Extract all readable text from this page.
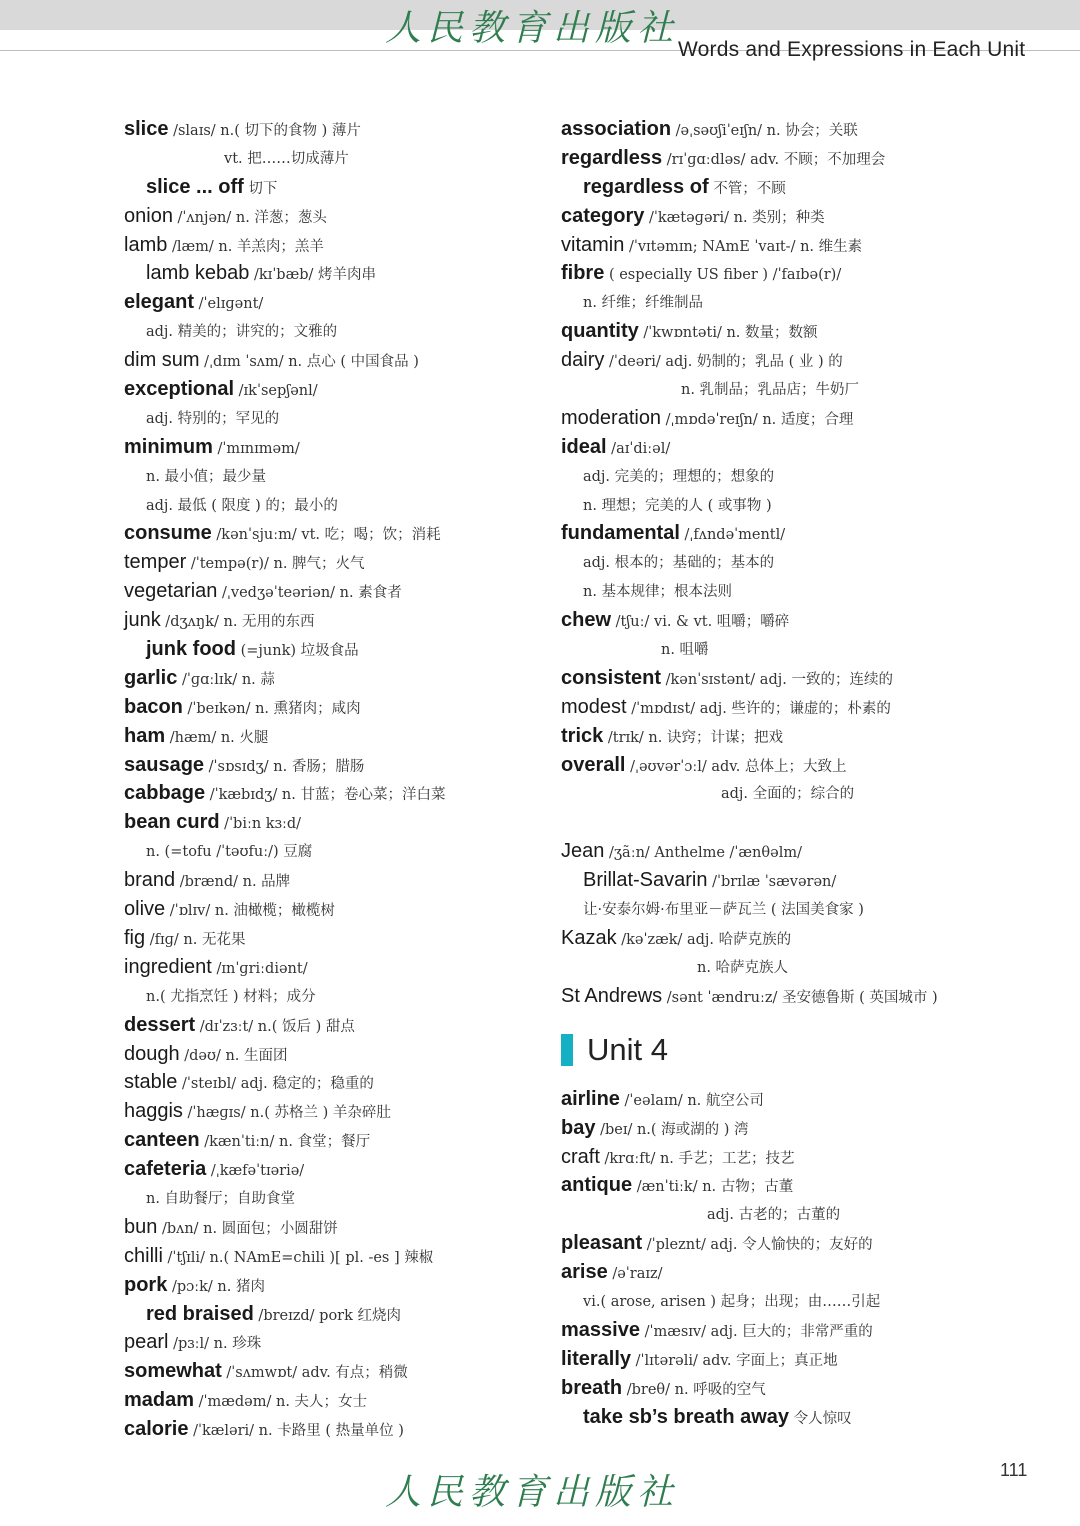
人民教育出版社
Words and Expressions in Each Unit
slice /slaɪs/ n.( 切下的食物 ) 薄片
vt. 把……切成薄片
slice ... off 切下
onion /ˈʌnjən/ n. 洋葱；葱头
lamb /læm/ n. 羊羔肉；羔羊
lamb kebab /kɪˈbæb/ 烤羊肉串
elegant /ˈelɪɡənt/
adj. 精美的；讲究的；文雅的
dim sum /ˌdɪm ˈsʌm/ n. 点心 ( 中国食品 )
exceptional /ɪkˈsepʃənl/
adj. 特别的；罕见的
minimum /ˈmɪnɪməm/
n. 最小值；最少量
adj. 最低 ( 限度 ) 的；最小的
consume /kənˈsjuːm/ vt. 吃；喝；饮；消耗
temper /ˈtempə(r)/ n. 脾气；火气
vegetarian /ˌvedʒəˈteəriən/ n. 素食者
junk /dʒʌŋk/ n. 无用的东西
junk food (=junk) 垃圾食品
garlic /ˈɡɑːlɪk/ n. 蒜
bacon /ˈbeɪkən/ n. 熏猪肉；咸肉
ham /hæm/ n. 火腿
sausage /ˈsɒsɪdʒ/ n. 香肠；腊肠
cabbage /ˈkæbɪdʒ/ n. 甘蓝；卷心菜；洋白菜
bean curd /ˈbiːn kɜːd/
n. (=tofu /ˈtəʊfuː/) 豆腐
brand /brænd/ n. 品牌
olive /ˈɒlɪv/ n. 油橄榄；橄榄树
fig /fɪɡ/ n. 无花果
ingredient /ɪnˈɡriːdiənt/
n.( 尤指烹饪 ) 材料；成分
dessert /dɪˈzɜːt/ n.( 饭后 ) 甜点
dough /dəʊ/ n. 生面团
stable /ˈsteɪbl/ adj. 稳定的；稳重的
haggis /ˈhæɡɪs/ n.( 苏格兰 ) 羊杂碎肚
canteen /kænˈtiːn/ n. 食堂；餐厅
cafeteria /ˌkæfəˈtɪəriə/
n. 自助餐厅；自助食堂
bun /bʌn/ n. 圆面包；小圆甜饼
chilli /ˈtʃɪli/ n.( NAmE=chili )[ pl. -es ] 辣椒
pork /pɔːk/ n. 猪肉
red braised /breɪzd/ pork 红烧肉
pearl /pɜːl/ n. 珍珠
somewhat /ˈsʌmwɒt/ adv. 有点；稍微
madam /ˈmædəm/ n. 夫人；女士
calorie /ˈkæləri/ n. 卡路里 ( 热量单位 )
association /əˌsəʊʃiˈeɪʃn/ n. 协会；关联
regardless /rɪˈɡɑːdləs/ adv. 不顾；不加理会
regardless of 不管；不顾
category /ˈkætəɡəri/ n. 类别；种类
vitamin /ˈvɪtəmɪn; NAmE ˈvaɪt-/ n. 维生素
fibre ( especially US fiber ) /ˈfaɪbə(r)/
n. 纤维；纤维制品
quantity /ˈkwɒntəti/ n. 数量；数额
dairy /ˈdeəri/ adj. 奶制的；乳品 ( 业 ) 的
n. 乳制品；乳品店；牛奶厂
moderation /ˌmɒdəˈreɪʃn/ n. 适度；合理
ideal /aɪˈdiːəl/
adj. 完美的；理想的；想象的
n. 理想；完美的人 ( 或事物 )
fundamental /ˌfʌndəˈmentl/
adj. 根本的；基础的；基本的
n. 基本规律；根本法则
chew /tʃuː/ vi. & vt. 咀嚼；嚼碎
n. 咀嚼
consistent /kənˈsɪstənt/ adj. 一致的；连续的
modest /ˈmɒdɪst/ adj. 些许的；谦虚的；朴素的
trick /trɪk/ n. 诀窍；计谋；把戏
overall /ˌəʊvərˈɔːl/ adv. 总体上；大致上
adj. 全面的；综合的
Jean /ʒãːn/ Anthelme /ˈænθəlm/
Brillat-Savarin /ˈbrɪlæ ˈsævərən/
让·安泰尔姆·布里亚－萨瓦兰 ( 法国美食家 )
Kazak /kəˈzæk/ adj. 哈萨克族的
n. 哈萨克族人
St Andrews /sənt ˈændruːz/ 圣安德鲁斯 ( 英国城市 )
Unit 4
airline /ˈeəlaɪn/ n. 航空公司
bay /beɪ/ n.( 海或湖的 ) 湾
craft /krɑːft/ n. 手艺；工艺；技艺
antique /ænˈtiːk/ n. 古物；古董
adj. 古老的；古董的
pleasant /ˈpleznt/ adj. 令人愉快的；友好的
arise /əˈraɪz/
vi.( arose, arisen ) 起身；出现；由……引起
massive /ˈmæsɪv/ adj. 巨大的；非常严重的
literally /ˈlɪtərəli/ adv. 字面上；真正地
breath /breθ/ n. 呼吸的空气
take sb’s breath away 令人惊叹
人民教育出版社
111
